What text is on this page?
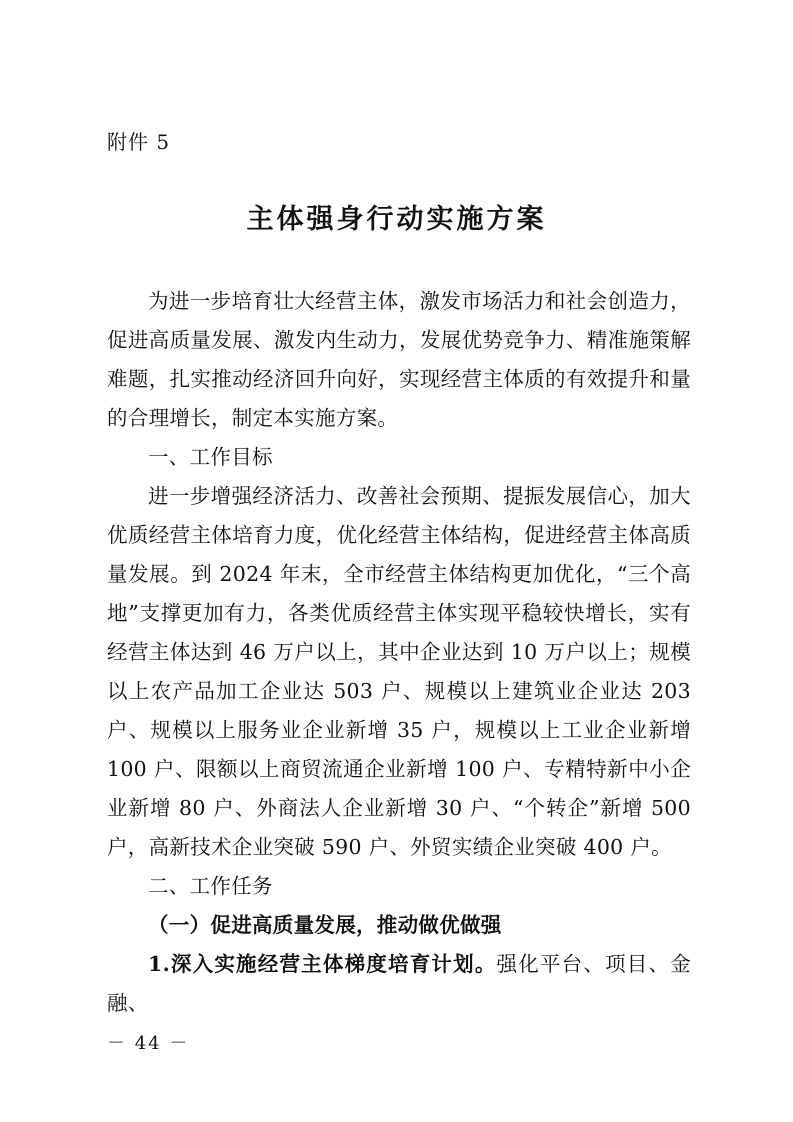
附件 5
主体强身行动实施方案

为进一步培育壮大经营主体，激发市场活力和社会创造力，促进高质量发展、激发内生动力，发展优势竞争力、精准施策解难题，扎实推动经济回升向好，实现经营主体质的有效提升和量的合理增长，制定本实施方案。

一、工作目标

进一步增强经济活力、改善社会预期、提振发展信心，加大优质经营主体培育力度，优化经营主体结构，促进经营主体高质量发展。到 2024 年末，全市经营主体结构更加优化，“三个高地”支撑更加有力，各类优质经营主体实现平稳较快增长，实有经营主体达到 46 万户以上，其中企业达到 10 万户以上；规模以上农产品加工企业达 503 户、规模以上建筑业企业达 203 户、规模以上服务业企业新增 35 户，规模以上工业企业新增 100 户、限额以上商贸流通企业新增 100 户、专精特新中小企业新增 80 户、外商法人企业新增 30 户、“个转企”新增 500 户，高新技术企业突破 590 户、外贸实绩企业突破 400 户。

二、工作任务

（一）促进高质量发展，推动做优做强

1.深入实施经营主体梯度培育计划。强化平台、项目、金融、

－ 44 －
